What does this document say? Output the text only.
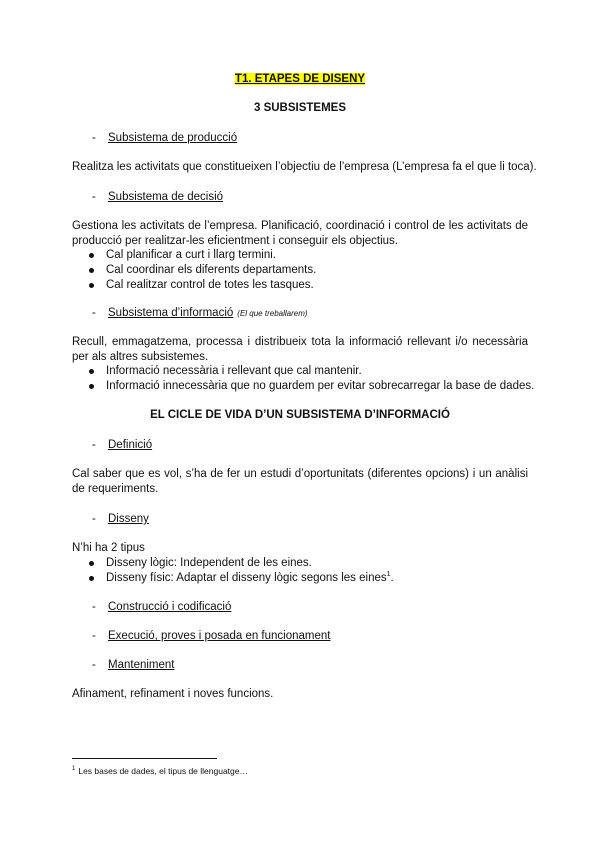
T1. ETAPES DE DISENY
3 SUBSISTEMES
- Subsistema de producció
Realitza les activitats que constitueixen l’objectiu de l’empresa (L’empresa fa el que li toca).
- Subsistema de decisió
Gestiona les activitats de l’empresa. Planificació, coordinació i control de les activitats de producció per realitzar-les eficientment i conseguir els objectius.
Cal planificar a curt i llarg termini.
Cal coordinar els diferents departaments.
Cal realitzar control de totes les tasques.
- Subsistema d’informació (El que treballarem)
Recull, emmagatzema, processa i distribueix tota la informació rellevant i/o necessària per als altres subsistemes.
Informació necessària i rellevant que cal mantenir.
Informació innecessària que no guardem per evitar sobrecarregar la base de dades.
EL CICLE DE VIDA D’UN SUBSISTEMA D’INFORMACIÓ
- Definició
Cal saber que es vol, s’ha de fer un estudi d’oportunitats (diferentes opcions) i un anàlisi de requeriments.
- Disseny
N’hi ha 2 tipus
Disseny lògic: Independent de les eines.
Disseny físic: Adaptar el disseny lògic segons les eines$^1$.
- Construcció i codificació
- Execució, proves i posada en funcionament
- Manteniment
Afinament, refinament i noves funcions.
$^1$ Les bases de dades, el tipus de llenguatge…
